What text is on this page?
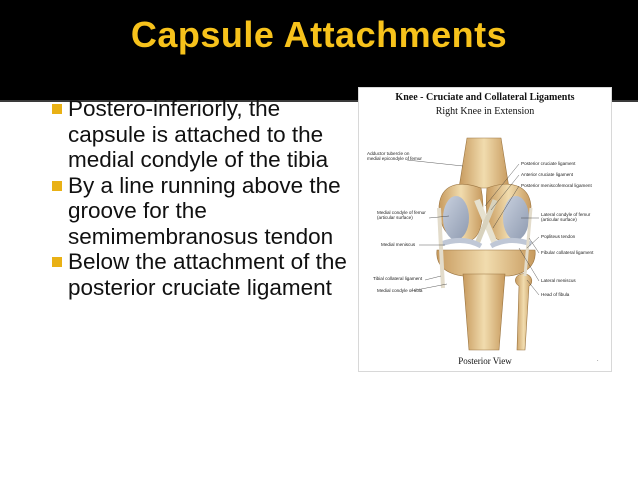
Capsule Attachments
Postero-inferiorly, the capsule is attached to the medial condyle of the tibia
By a line running above the groove for the semimembranosus tendon
Below the attachment of the posterior cruciate ligament
.
Knee - Cruciate and Collateral Ligaments
Right Knee in Extension
Adductor tubercle on
medial epicondyle of femur
Medial condyle of femur
(articular surface)
Medial meniscus
Tibial collateral ligament
Medial condyle of tibia
Posterior cruciate ligament
Anterior cruciate ligament
Posterior meniscofemoral ligament
Lateral condyle of femur
(articular surface)
Popliteus tendon
Fibular collateral ligament
Lateral meniscus
Head of fibula
Posterior View
